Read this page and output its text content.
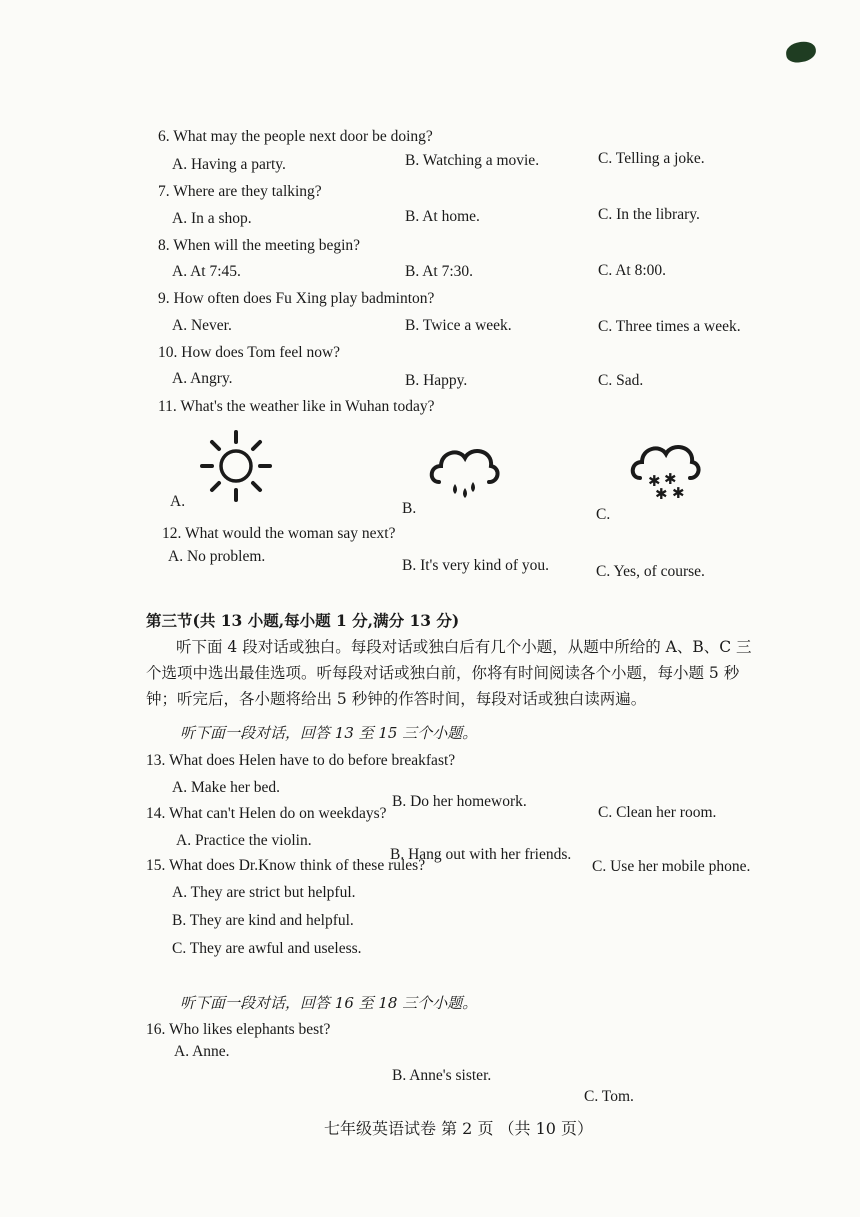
6. What may the people next door be doing?
A. Having a party.	B. Watching a movie.	C. Telling a joke.
7. Where are they talking?
A. In a shop.	B. At home.	C. In the library.
8. When will the meeting begin?
A. At 7:45.	B. At 7:30.	C. At 8:00.
9. How often does Fu Xing play badminton?
A. Never.	B. Twice a week.	C. Three times a week.
10. How does Tom feel now?
A. Angry.	B. Happy.	C. Sad.
11. What's the weather like in Wuhan today?
A.	B.
✱ ✱
✱ ✱
C.
12. What would the woman say next?
A. No problem.
B. It's very kind of you.	C. Yes, of course.
第三节(共 13 小题,每小题 1 分,满分 13 分)
听下面 4 段对话或独白。每段对话或独白后有几个小题，从题中所给的 A、B、C 三
个选项中选出最佳选项。听每段对话或独白前，你将有时间阅读各个小题，每小题 5 秒
钟；听完后，各小题将给出 5 秒钟的作答时间，每段对话或独白读两遍。
听下面一段对话，回答 13 至 15 三个小题。
13. What does Helen have to do before breakfast?
A. Make her bed.
B. Do her homework.
C. Clean her room.
14. What can't Helen do on weekdays?
A. Practice the violin.
B. Hang out with her friends.
C. Use her mobile phone.
15. What does Dr.Know think of these rules?
A. They are strict but helpful.
B. They are kind and helpful.
C. They are awful and useless.
听下面一段对话，回答 16 至 18 三个小题。
16. Who likes elephants best?
A. Anne.
B. Anne's sister.
C. Tom.
七年级英语试卷 第 2 页 （共 10 页）
